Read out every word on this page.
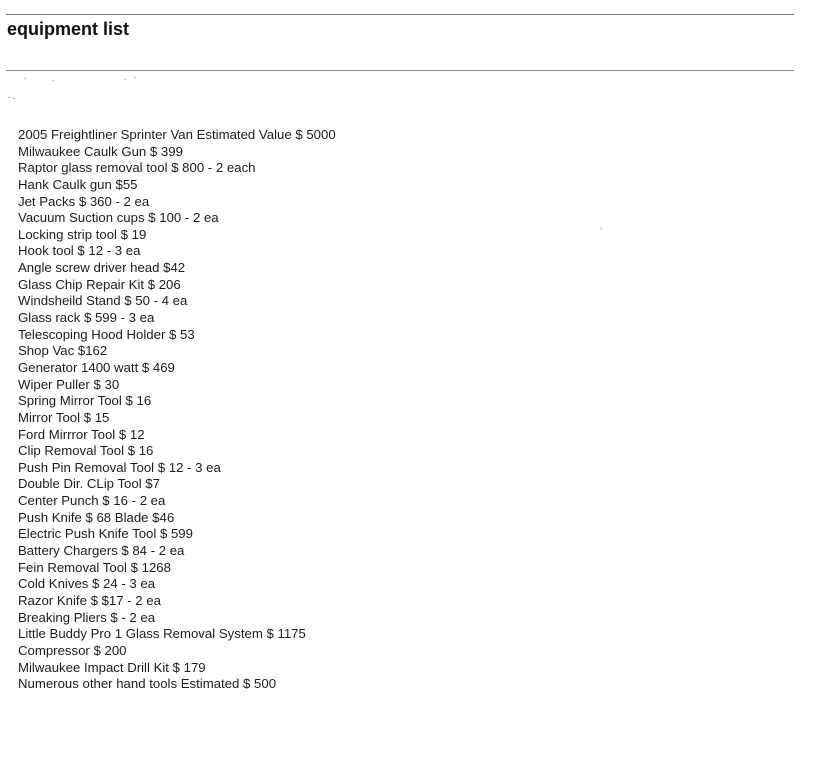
equipment list
2005 Freightliner Sprinter Van Estimated Value $ 5000
Milwaukee Caulk Gun $ 399
Raptor glass removal tool $ 800 - 2 each
Hank Caulk gun $55
Jet Packs $ 360 - 2 ea
Vacuum Suction cups $ 100 - 2 ea
Locking strip tool $ 19
Hook tool $ 12 - 3 ea
Angle screw driver head $42
Glass Chip Repair Kit $ 206
Windsheild Stand $ 50 - 4 ea
Glass rack $ 599 - 3 ea
Telescoping Hood Holder $ 53
Shop Vac $162
Generator 1400 watt $ 469
Wiper Puller $ 30
Spring Mirror Tool $ 16
Mirror Tool $ 15
Ford Mirrror Tool $ 12
Clip Removal Tool $ 16
Push Pin Removal Tool $ 12 - 3 ea
Double Dir. CLip Tool $7
Center Punch $ 16 - 2 ea
Push Knife $ 68 Blade $46
Electric Push Knife Tool $ 599
Battery Chargers $ 84 - 2 ea
Fein Removal Tool $ 1268
Cold Knives $ 24 - 3 ea
Razor Knife $ $17 - 2 ea
Breaking Pliers $ - 2 ea
Little Buddy Pro 1 Glass Removal System $ 1175
Compressor $ 200
Milwaukee Impact Drill Kit $ 179
Numerous other hand tools Estimated $ 500
